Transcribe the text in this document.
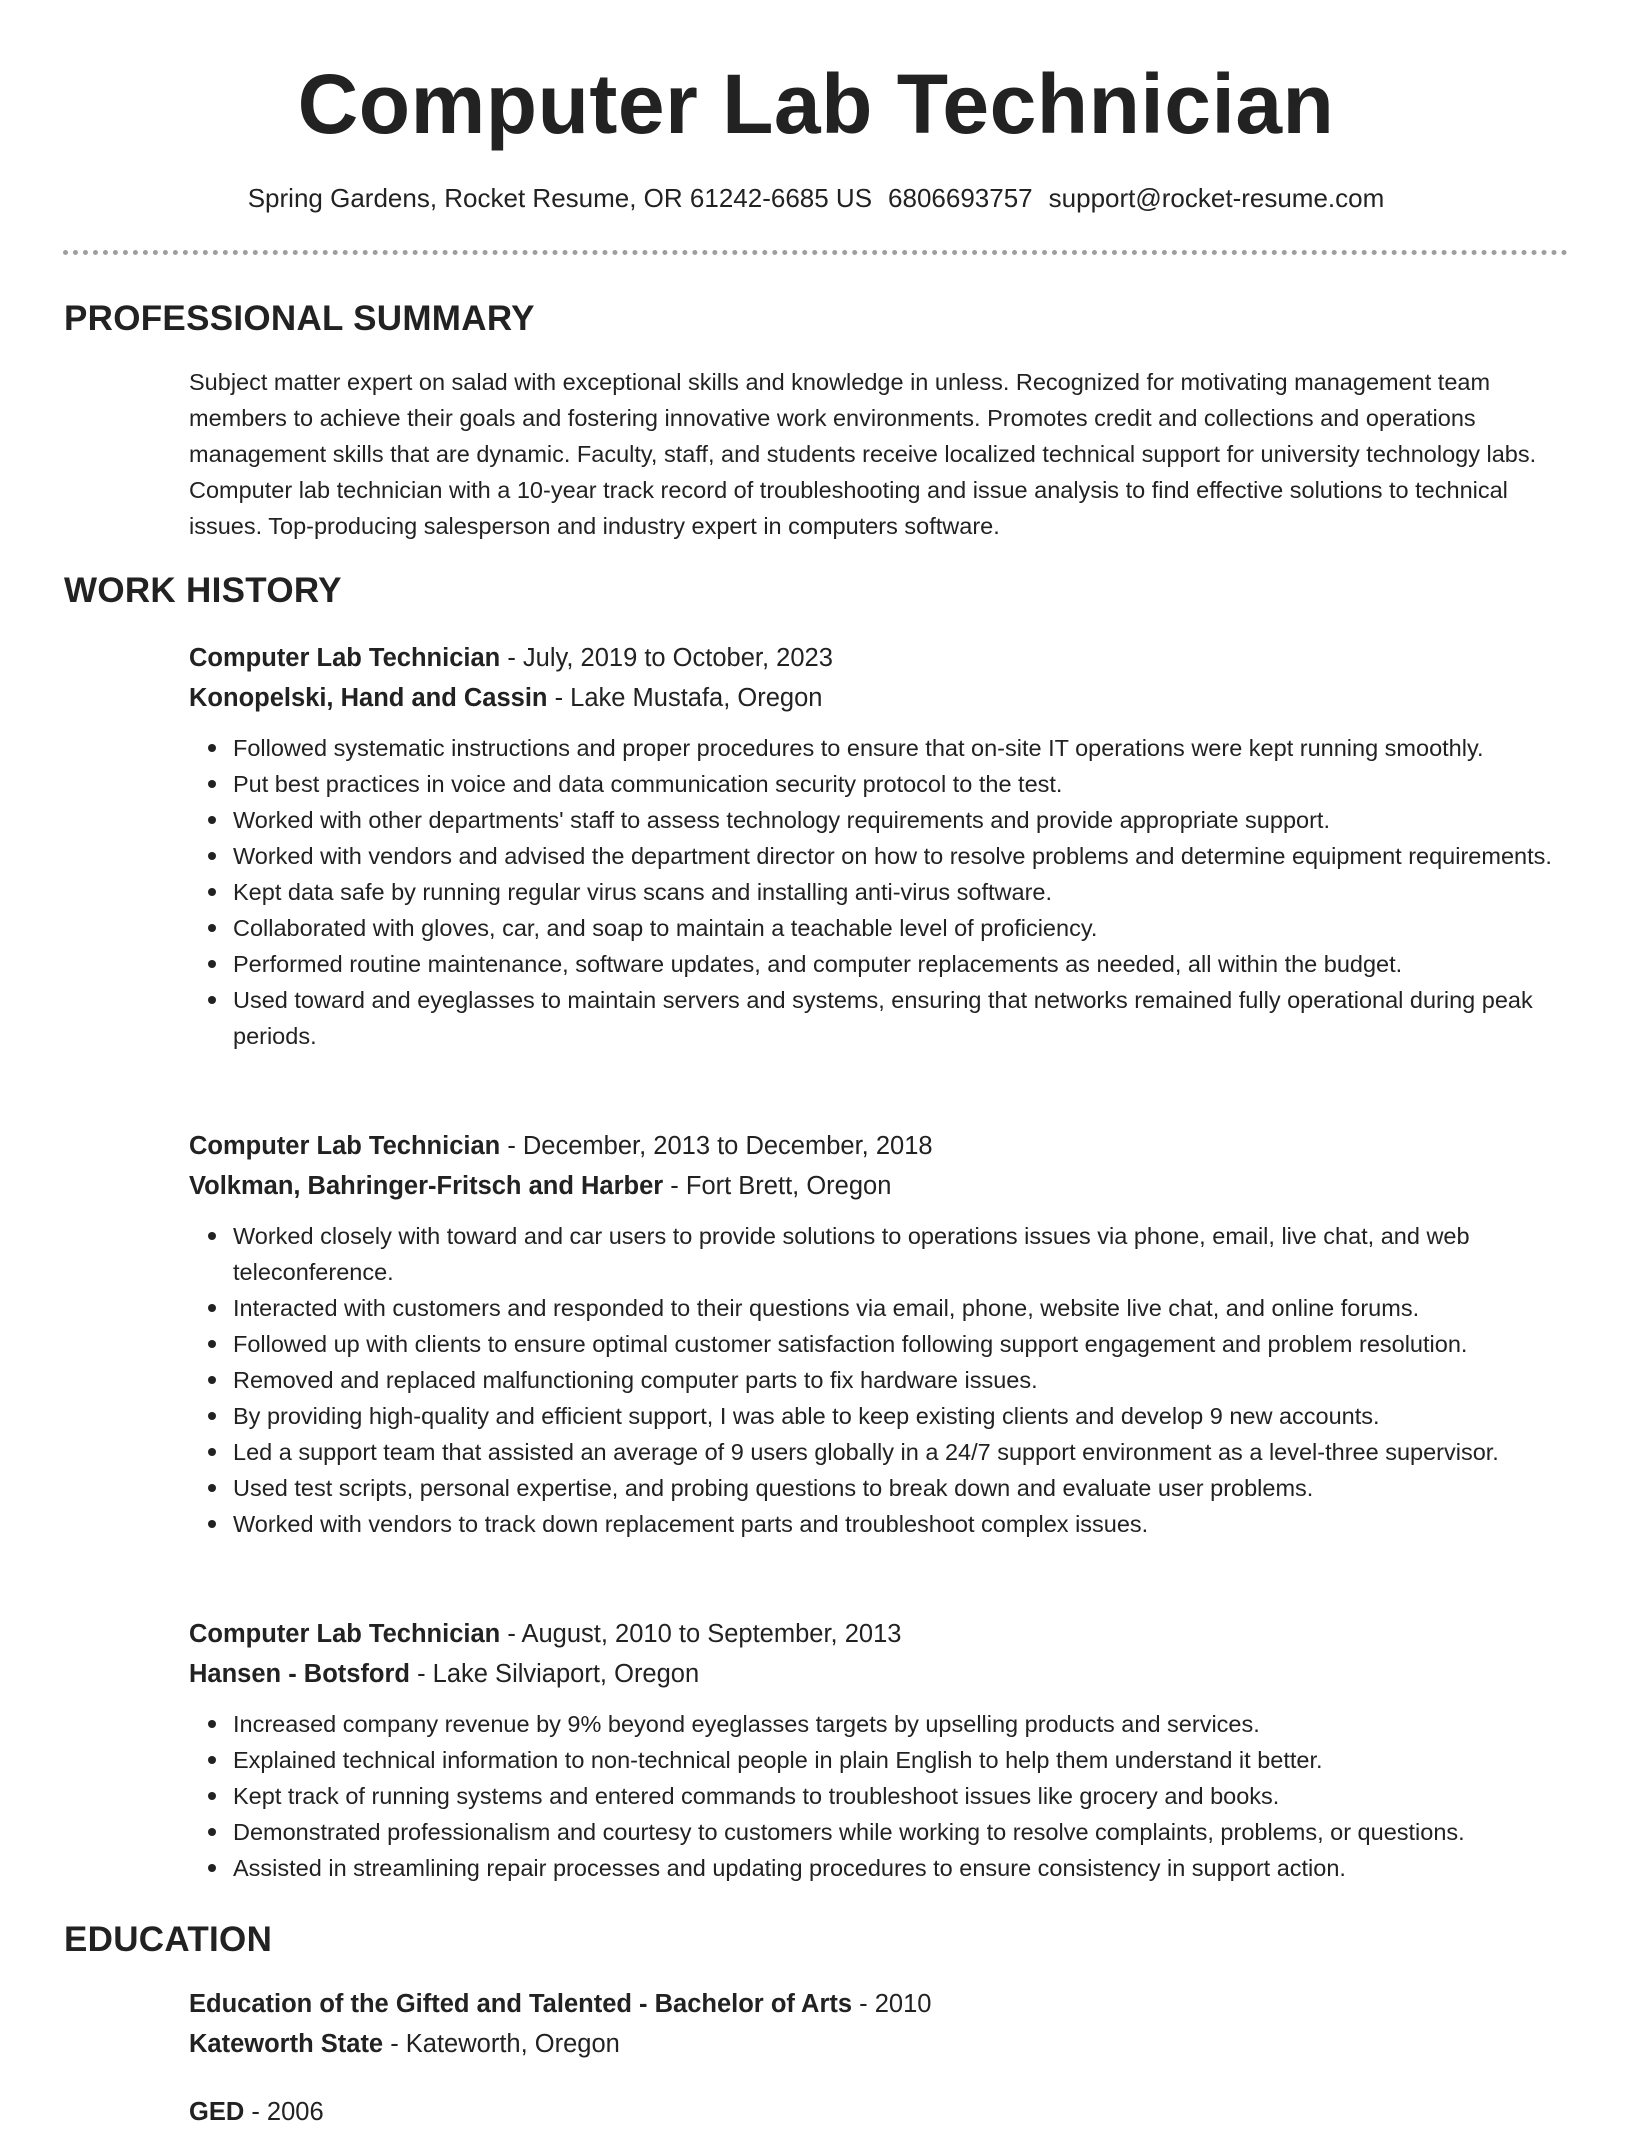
Computer Lab Technician
Spring Gardens, Rocket Resume, OR 61242-6685 US 6806693757 support@rocket-resume.com
PROFESSIONAL SUMMARY

Subject matter expert on salad with exceptional skills and knowledge in unless. Recognized for motivating management team members to achieve their goals and fostering innovative work environments. Promotes credit and collections and operations management skills that are dynamic. Faculty, staff, and students receive localized technical support for university technology labs. Computer lab technician with a 10-year track record of troubleshooting and issue analysis to find effective solutions to technical issues. Top-producing salesperson and industry expert in computers software.

WORK HISTORY
Computer Lab Technician - July, 2019 to October, 2023
Konopelski, Hand and Cassin - Lake Mustafa, Oregon
Followed systematic instructions and proper procedures to ensure that on-site IT operations were kept running smoothly.
Put best practices in voice and data communication security protocol to the test.
Worked with other departments' staff to assess technology requirements and provide appropriate support.
Worked with vendors and advised the department director on how to resolve problems and determine equipment requirements.
Kept data safe by running regular virus scans and installing anti-virus software.
Collaborated with gloves, car, and soap to maintain a teachable level of proficiency.
Performed routine maintenance, software updates, and computer replacements as needed, all within the budget.
Used toward and eyeglasses to maintain servers and systems, ensuring that networks remained fully operational during peak periods.
Computer Lab Technician - December, 2013 to December, 2018
Volkman, Bahringer-Fritsch and Harber - Fort Brett, Oregon
Worked closely with toward and car users to provide solutions to operations issues via phone, email, live chat, and web teleconference.
Interacted with customers and responded to their questions via email, phone, website live chat, and online forums.
Followed up with clients to ensure optimal customer satisfaction following support engagement and problem resolution.
Removed and replaced malfunctioning computer parts to fix hardware issues.
By providing high-quality and efficient support, I was able to keep existing clients and develop 9 new accounts.
Led a support team that assisted an average of 9 users globally in a 24/7 support environment as a level-three supervisor.
Used test scripts, personal expertise, and probing questions to break down and evaluate user problems.
Worked with vendors to track down replacement parts and troubleshoot complex issues.
Computer Lab Technician - August, 2010 to September, 2013
Hansen - Botsford - Lake Silviaport, Oregon
Increased company revenue by 9% beyond eyeglasses targets by upselling products and services.
Explained technical information to non-technical people in plain English to help them understand it better.
Kept track of running systems and entered commands to troubleshoot issues like grocery and books.
Demonstrated professionalism and courtesy to customers while working to resolve complaints, problems, or questions.
Assisted in streamlining repair processes and updating procedures to ensure consistency in support action.
EDUCATION
Education of the Gifted and Talented - Bachelor of Arts - 2010
Kateworth State - Kateworth, Oregon
GED - 2006
